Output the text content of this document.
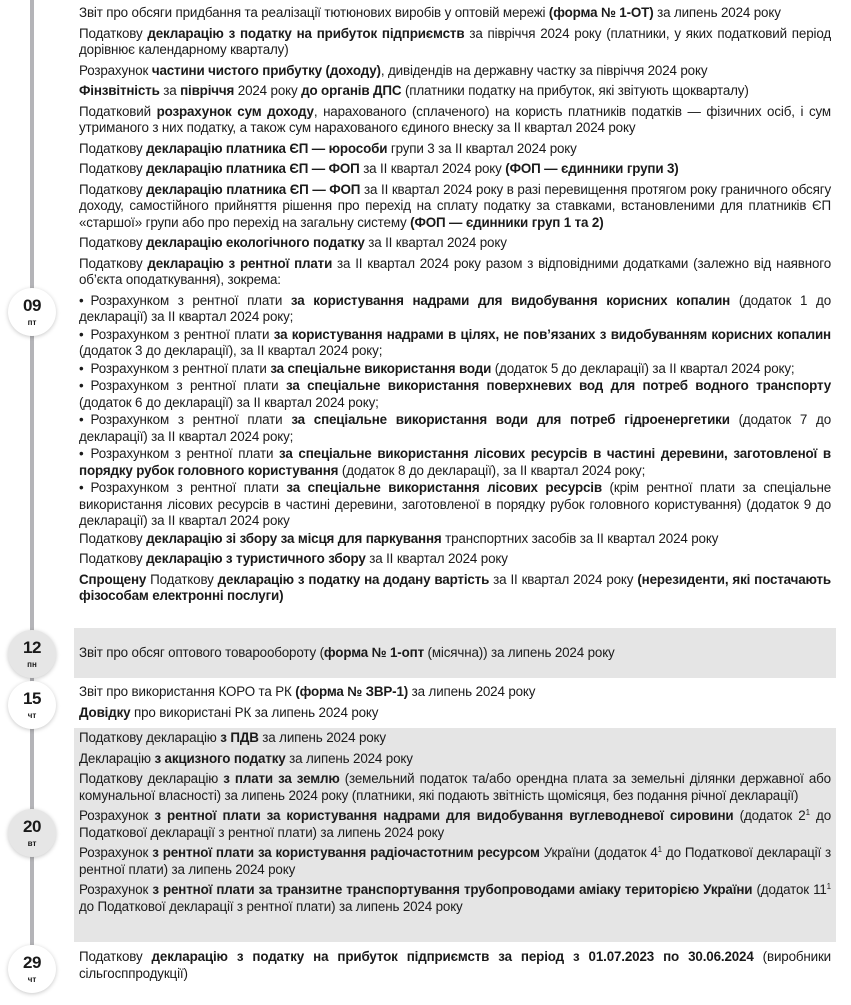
09
пт
12
пн
15
чт
20
вт
29
чт

Звіт про обсяги придбання та реалізації тютюнових виробів у оптовій мережі (форма № 1-ОТ) за липень 2024 року

Податкову декларацію з податку на прибуток підприємств за півріччя 2024 року (платники, у яких податковий період дорівнює календарному кварталу)

Розрахунок частини чистого прибутку (доходу), дивідендів на державну частку за півріччя 2024 року

Фінзвітність за півріччя 2024 року до органів ДПС (платники податку на прибуток, які звітують щокварталу)

Податковий розрахунок сум доходу, нарахованого (сплаченого) на користь платників податків — фізичних осіб, і сум утриманого з них податку, а також сум нарахованого єдиного внеску за II квартал 2024 року

Податкову декларацію платника ЄП — юрособи групи 3 за II квартал 2024 року

Податкову декларацію платника ЄП — ФОП за II квартал 2024 року (ФОП — єдинники групи 3)

Податкову декларацію платника ЄП — ФОП за II квартал 2024 року в разі перевищення протягом року граничного обсягу доходу, самостійного прийняття рішення про перехід на сплату податку за ставками, встановленими для платників ЄП «старшої» групи або про перехід на загальну систему (ФОП — єдинники груп 1 та 2)

Податкову декларацію екологічного податку за II квартал 2024 року

Податкову декларацію з рентної плати за II квартал 2024 року разом з відповідними додатками (залежно від наявного об’єкта оподаткування), зокрема:

• Розрахунком з рентної плати за користування надрами для видобування корисних копалин (додаток 1 до декларації) за II квартал 2024 року;

• Розрахунком з рентної плати за користування надрами в цілях, не пов’язаних з видобуванням корисних копалин (додаток 3 до декларації), за II квартал 2024 року;

• Розрахунком з рентної плати за спеціальне використання води (додаток 5 до декларації) за II квартал 2024 року;

• Розрахунком з рентної плати за спеціальне використання поверхневих вод для потреб водного транспорту (додаток 6 до декларації) за II квартал 2024 року;

• Розрахунком з рентної плати за спеціальне використання води для потреб гідроенергетики (додаток 7 до декларації) за II квартал 2024 року;

• Розрахунком з рентної плати за спеціальне використання лісових ресурсів в частині деревини, заготовленої в порядку рубок головного користування (додаток 8 до декларації), за II квартал 2024 року;

• Розрахунком з рентної плати за спеціальне використання лісових ресурсів (крім рентної плати за спеціальне використання лісових ресурсів в частині деревини, заготовленої в порядку рубок головного користування) (додаток 9 до декларації) за II квартал 2024 року

Податкову декларацію зі збору за місця для паркування транспортних засобів за II квартал 2024 року

Податкову декларацію з туристичного збору за II квартал 2024 року

Спрощену Податкову декларацію з податку на додану вартість за II квартал 2024 року (нерезиденти, які постачають фізособам електронні послуги)

Звіт про обсяг оптового товарообороту (форма № 1-опт (місячна)) за липень 2024 року

Звіт про використання КОРО та РК (форма № ЗВР-1) за липень 2024 року

Довідку про використані РК за липень 2024 року

Податкову декларацію з ПДВ за липень 2024 року

Декларацію з акцизного податку за липень 2024 року

Податкову декларацію з плати за землю (земельний податок та/або орендна плата за земельні ділянки державної або комунальної власності) за липень 2024 року (платники, які подають звітність щомісяця, без подання річної декларації)

Розрахунок з рентної плати за користування надрами для видобування вуглеводневої сировини (додаток $2^1$ до Податкової декларації з рентної плати) за липень 2024 року

Розрахунок з рентної плати за користування радіочастотним ресурсом України (додаток $4^1$ до Податкової декларації з рентної плати) за липень 2024 року

Розрахунок з рентної плати за транзитне транспортування трубопроводами аміаку територією України (додаток $11^1$ до Податкової декларації з рентної плати) за липень 2024 року

Податкову декларацію з податку на прибуток підприємств за період з 01.07.2023 по 30.06.2024 (виробники сільгосппродукції)
